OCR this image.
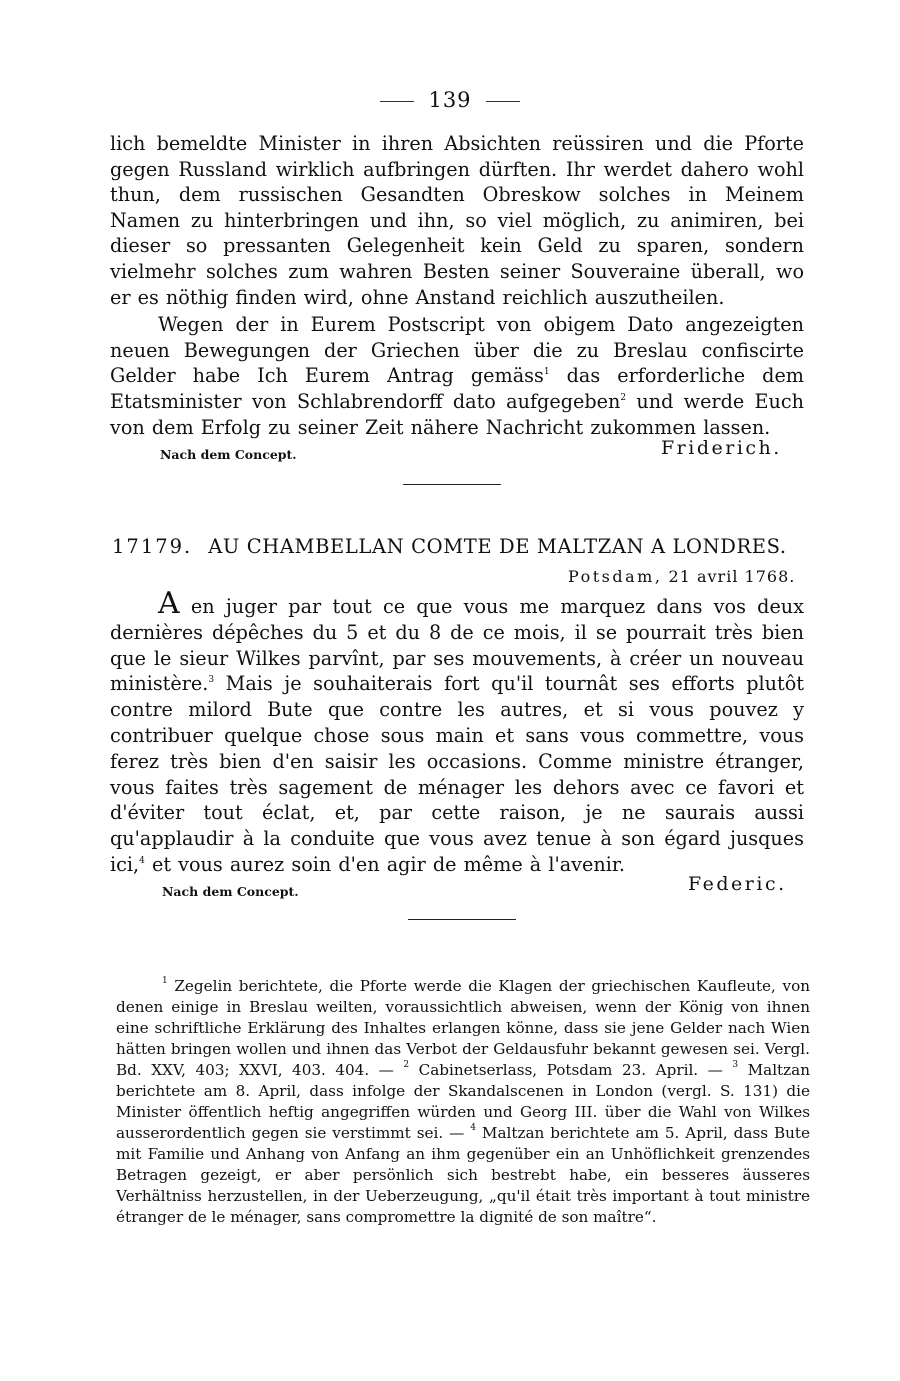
139

lich bemeldte Minister in ihren Absichten reüssiren und die Pforte gegen Russland wirklich aufbringen dürften. Ihr werdet dahero wohl thun, dem russischen Gesandten Obreskow solches in Meinem Namen zu hinterbringen und ihn, so viel möglich, zu animiren, bei dieser so pressanten Gelegenheit kein Geld zu sparen, sondern vielmehr solches zum wahren Besten seiner Souveraine überall, wo er es nöthig finden wird, ohne Anstand reichlich auszutheilen.

Wegen der in Eurem Postscript von obigem Dato angezeigten neuen Bewegungen der Griechen über die zu Breslau confiscirte Gelder habe Ich Eurem Antrag gemäss$^1$ das erforderliche dem Etatsminister von Schlabrendorff dato aufgegeben$^2$ und werde Euch von dem Erfolg zu seiner Zeit nähere Nachricht zukommen lassen.

Nach dem Concept.	Friderich.
17179. AU CHAMBELLAN COMTE DE MALTZAN A LONDRES.
Potsdam, 21 avril 1768.

A en juger par tout ce que vous me marquez dans vos deux dernières dépêches du 5 et du 8 de ce mois, il se pourrait très bien que le sieur Wilkes parvînt, par ses mouvements, à créer un nouveau ministère.$^3$ Mais je souhaiterais fort qu'il tournât ses efforts plutôt contre milord Bute que contre les autres, et si vous pouvez y contribuer quelque chose sous main et sans vous commettre, vous ferez très bien d'en saisir les occasions. Comme ministre étranger, vous faites très sagement de ménager les dehors avec ce favori et d'éviter tout éclat, et, par cette raison, je ne saurais aussi qu'applaudir à la conduite que vous avez tenue à son égard jusques ici,$^4$ et vous aurez soin d'en agir de même à l'avenir.

Nach dem Concept.	Federic.

$^1$ Zegelin berichtete, die Pforte werde die Klagen der griechischen Kaufleute, von denen einige in Breslau weilten, voraussichtlich abweisen, wenn der König von ihnen eine schriftliche Erklärung des Inhaltes erlangen könne, dass sie jene Gelder nach Wien hätten bringen wollen und ihnen das Verbot der Geldausfuhr bekannt gewesen sei. Vergl. Bd. XXV, 403; XXVI, 403. 404. — $^2$ Cabinetserlass, Potsdam 23. April. — $^3$ Maltzan berichtete am 8. April, dass infolge der Skandalscenen in London (vergl. S. 131) die Minister öffentlich heftig angegriffen würden und Georg III. über die Wahl von Wilkes ausserordentlich gegen sie verstimmt sei. — $^4$ Maltzan berichtete am 5. April, dass Bute mit Familie und Anhang von Anfang an ihm gegenüber ein an Unhöflichkeit grenzendes Betragen gezeigt, er aber persönlich sich bestrebt habe, ein besseres äusseres Verhältniss herzustellen, in der Ueberzeugung, „qu'il était très important à tout ministre étranger de le ménager, sans compromettre la dignité de son maître“.
